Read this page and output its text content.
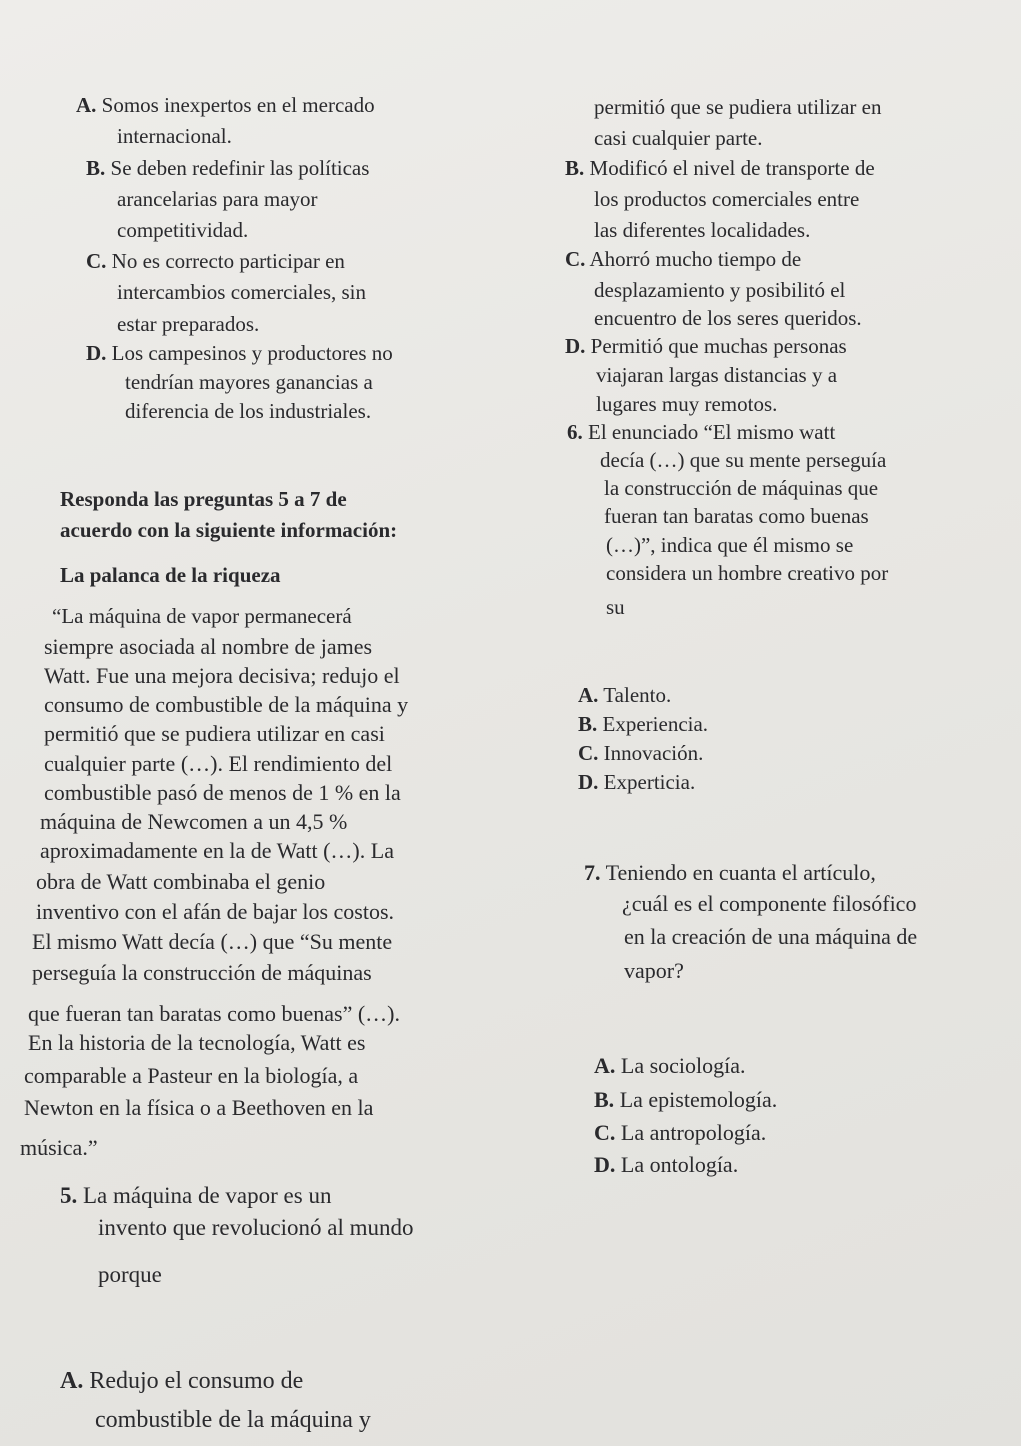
A. Somos inexpertos en el mercado
internacional.
B. Se deben redefinir las políticas
arancelarias para mayor
competitividad.
C. No es correcto participar en
intercambios comerciales, sin
estar preparados.
D. Los campesinos y productores no
tendrían mayores ganancias a
diferencia de los industriales.
Responda las preguntas 5 a 7 de
acuerdo con la siguiente información:
La palanca de la riqueza
“La máquina de vapor permanecerá
siempre asociada al nombre de james
Watt. Fue una mejora decisiva; redujo el
consumo de combustible de la máquina y
permitió que se pudiera utilizar en casi
cualquier parte (…). El rendimiento del
combustible pasó de menos de 1 % en la
máquina de Newcomen a un 4,5 %
aproximadamente en la de Watt (…). La
obra de Watt combinaba el genio
inventivo con el afán de bajar los costos.
El mismo Watt decía (…) que “Su mente
perseguía la construcción de máquinas
que fueran tan baratas como buenas” (…).
En la historia de la tecnología, Watt es
comparable a Pasteur en la biología, a
Newton en la física o a Beethoven en la
música.”
5. La máquina de vapor es un
invento que revolucionó al mundo
porque
A. Redujo el consumo de
combustible de la máquina y
permitió que se pudiera utilizar en
casi cualquier parte.
B. Modificó el nivel de transporte de
los productos comerciales entre
las diferentes localidades.
C. Ahorró mucho tiempo de
desplazamiento y posibilitó el
encuentro de los seres queridos.
D. Permitió que muchas personas
viajaran largas distancias y a
lugares muy remotos.
6. El enunciado “El mismo watt
decía (…) que su mente perseguía
la construcción de máquinas que
fueran tan baratas como buenas
(…)”, indica que él mismo se
considera un hombre creativo por
su
A. Talento.
B. Experiencia.
C. Innovación.
D. Experticia.
7. Teniendo en cuanta el artículo,
¿cuál es el componente filosófico
en la creación de una máquina de
vapor?
A. La sociología.
B. La epistemología.
C. La antropología.
D. La ontología.
